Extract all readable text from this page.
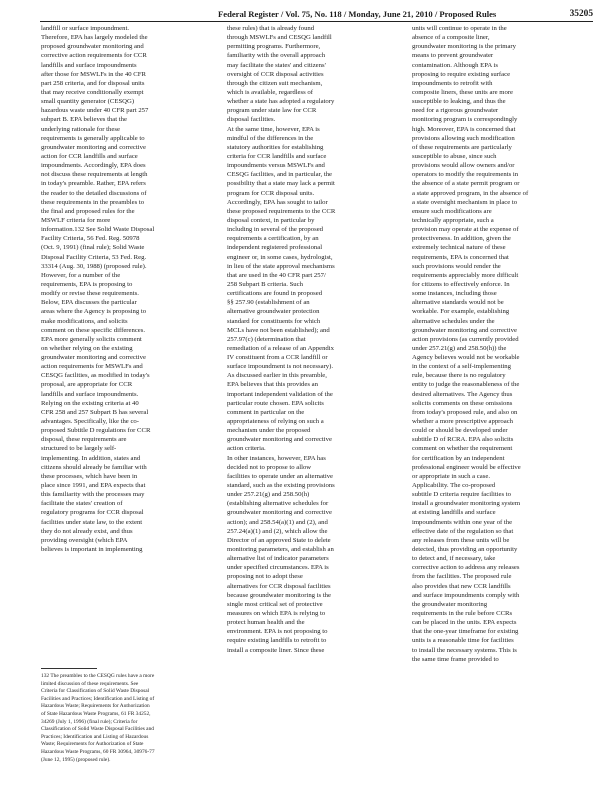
Federal Register / Vol. 75, No. 118 / Monday, June 21, 2010 / Proposed Rules	35205
landfill or surface impoundment.
Therefore, EPA has largely modeled the
proposed groundwater monitoring and
corrective action requirements for CCR
landfills and surface impoundments
after those for MSWLFs in the 40 CFR
part 258 criteria, and for disposal units
that may receive conditionally exempt
small quantity generator (CESQG)
hazardous waste under 40 CFR part 257
subpart B. EPA believes that the
underlying rationale for these
requirements is generally applicable to
groundwater monitoring and corrective
action for CCR landfills and surface
impoundments. Accordingly, EPA does
not discuss these requirements at length
in today's preamble. Rather, EPA refers
the reader to the detailed discussions of
these requirements in the preambles to
the final and proposed rules for the
MSWLF criteria for more
information.132 See Solid Waste Disposal
Facility Criteria, 56 Fed. Reg. 50978
(Oct. 9, 1991) (final rule); Solid Waste
Disposal Facility Criteria, 53 Fed. Reg.
33314 (Aug. 30, 1988) (proposed rule).
However, for a number of the
requirements, EPA is proposing to
modify or revise these requirements.
Below, EPA discusses the particular
areas where the Agency is proposing to
make modifications, and solicits
comment on these specific differences.
EPA more generally solicits comment
on whether relying on the existing
groundwater monitoring and corrective
action requirements for MSWLFs and
CESQG facilities, as modified in today's
proposal, are appropriate for CCR
landfills and surface impoundments.
Relying on the existing criteria at 40
CFR 258 and 257 Subpart B has several
advantages. Specifically, like the co-
proposed Subtitle D regulations for CCR
disposal, these requirements are
structured to be largely self-
implementing. In addition, states and
citizens should already be familiar with
these processes, which have been in
place since 1991, and EPA expects that
this familiarity with the processes may
facilitate the states' creation of
regulatory programs for CCR disposal
facilities under state law, to the extent
they do not already exist, and thus
providing oversight (which EPA
believes is important in implementing
these rules) that is already found
through MSWLFs and CESQG landfill
permitting programs. Furthermore,
familiarity with the overall approach
may facilitate the states' and citizens'
oversight of CCR disposal activities
through the citizen suit mechanism,
which is available, regardless of
whether a state has adopted a regulatory
program under state law for CCR
disposal facilities.
At the same time, however, EPA is
mindful of the differences in the
statutory authorities for establishing
criteria for CCR landfills and surface
impoundments versus MSWLFs and
CESQG facilities, and in particular, the
possibility that a state may lack a permit
program for CCR disposal units.
Accordingly, EPA has sought to tailor
these proposed requirements to the CCR
disposal context, in particular by
including in several of the proposed
requirements a certification, by an
independent registered professional
engineer or, in some cases, hydrologist,
in lieu of the state approval mechanisms
that are used in the 40 CFR part 257/
258 Subpart B criteria. Such
certifications are found in proposed
§§ 257.90 (establishment of an
alternative groundwater protection
standard for constituents for which
MCLs have not been established); and
257.97(c) (determination that
remediation of a release of an Appendix
IV constituent from a CCR landfill or
surface impoundment is not necessary).
As discussed earlier in this preamble,
EPA believes that this provides an
important independent validation of the
particular route chosen. EPA solicits
comment in particular on the
appropriateness of relying on such a
mechanism under the proposed
groundwater monitoring and corrective
action criteria.
In other instances, however, EPA has
decided not to propose to allow
facilities to operate under an alternative
standard, such as the existing provisions
under 257.21(g) and 258.50(h)
(establishing alternative schedules for
groundwater monitoring and corrective
action); and 258.54(a)(1) and (2), and
257.24(a)(1) and (2), which allow the
Director of an approved State to delete
monitoring parameters, and establish an
alternative list of indicator parameters
under specified circumstances. EPA is
proposing not to adopt these
alternatives for CCR disposal facilities
because groundwater monitoring is the
single most critical set of protective
measures on which EPA is relying to
protect human health and the
environment. EPA is not proposing to
require existing landfills to retrofit to
install a composite liner. Since these
units will continue to operate in the
absence of a composite liner,
groundwater monitoring is the primary
means to prevent groundwater
contamination. Although EPA is
proposing to require existing surface
impoundments to retrofit with
composite liners, these units are more
susceptible to leaking, and thus the
need for a rigorous groundwater
monitoring program is correspondingly
high. Moreover, EPA is concerned that
provisions allowing such modification
of these requirements are particularly
susceptible to abuse, since such
provisions would allow owners and/or
operators to modify the requirements in
the absence of a state permit program or
a state approved program, in the absence of
a state oversight mechanism in place to
ensure such modifications are
technically appropriate, such a
provision may operate at the expense of
protectiveness. In addition, given the
extremely technical nature of these
requirements, EPA is concerned that
such provisions would render the
requirements appreciably more difficult
for citizens to effectively enforce. In
some instances, including those
alternative standards would not be
workable. For example, establishing
alternative schedules under the
groundwater monitoring and corrective
action provisions (as currently provided
under 257.21(g) and 258.50(h)) the
Agency believes would not be workable
in the context of a self-implementing
rule, because there is no regulatory
entity to judge the reasonableness of the
desired alternatives. The Agency thus
solicits comments on these omissions
from today's proposed rule, and also on
whether a more prescriptive approach
could or should be developed under
subtitle D of RCRA. EPA also solicits
comment on whether the requirement
for certification by an independent
professional engineer would be effective
or appropriate in such a case.
Applicability. The co-proposed
subtitle D criteria require facilities to
install a groundwater monitoring system
at existing landfills and surface
impoundments within one year of the
effective date of the regulation so that
any releases from these units will be
detected, thus providing an opportunity
to detect and, if necessary, take
corrective action to address any releases
from the facilities. The proposed rule
also provides that new CCR landfills
and surface impoundments comply with
the groundwater monitoring
requirements in the rule before CCRs
can be placed in the units. EPA expects
that the one-year timeframe for existing
units is a reasonable time for facilities
to install the necessary systems. This is
the same time frame provided to
132 The preambles to the CESQG rules have a more
limited discussion of these requirements. See
Criteria for Classification of Solid Waste Disposal
Facilities and Practices; Identification and Listing of
Hazardous Waste; Requirements for Authorization
of State Hazardous Waste Programs, 61 FR 34252,
34269 (July 1, 1996) (final rule); Criteria for
Classification of Solid Waste Disposal Facilities and
Practices; Identification and Listing of Hazardous
Waste; Requirements for Authorization of State
Hazardous Waste Programs, 60 FR 30964, 30976-77
(June 12, 1995) (proposed rule).
